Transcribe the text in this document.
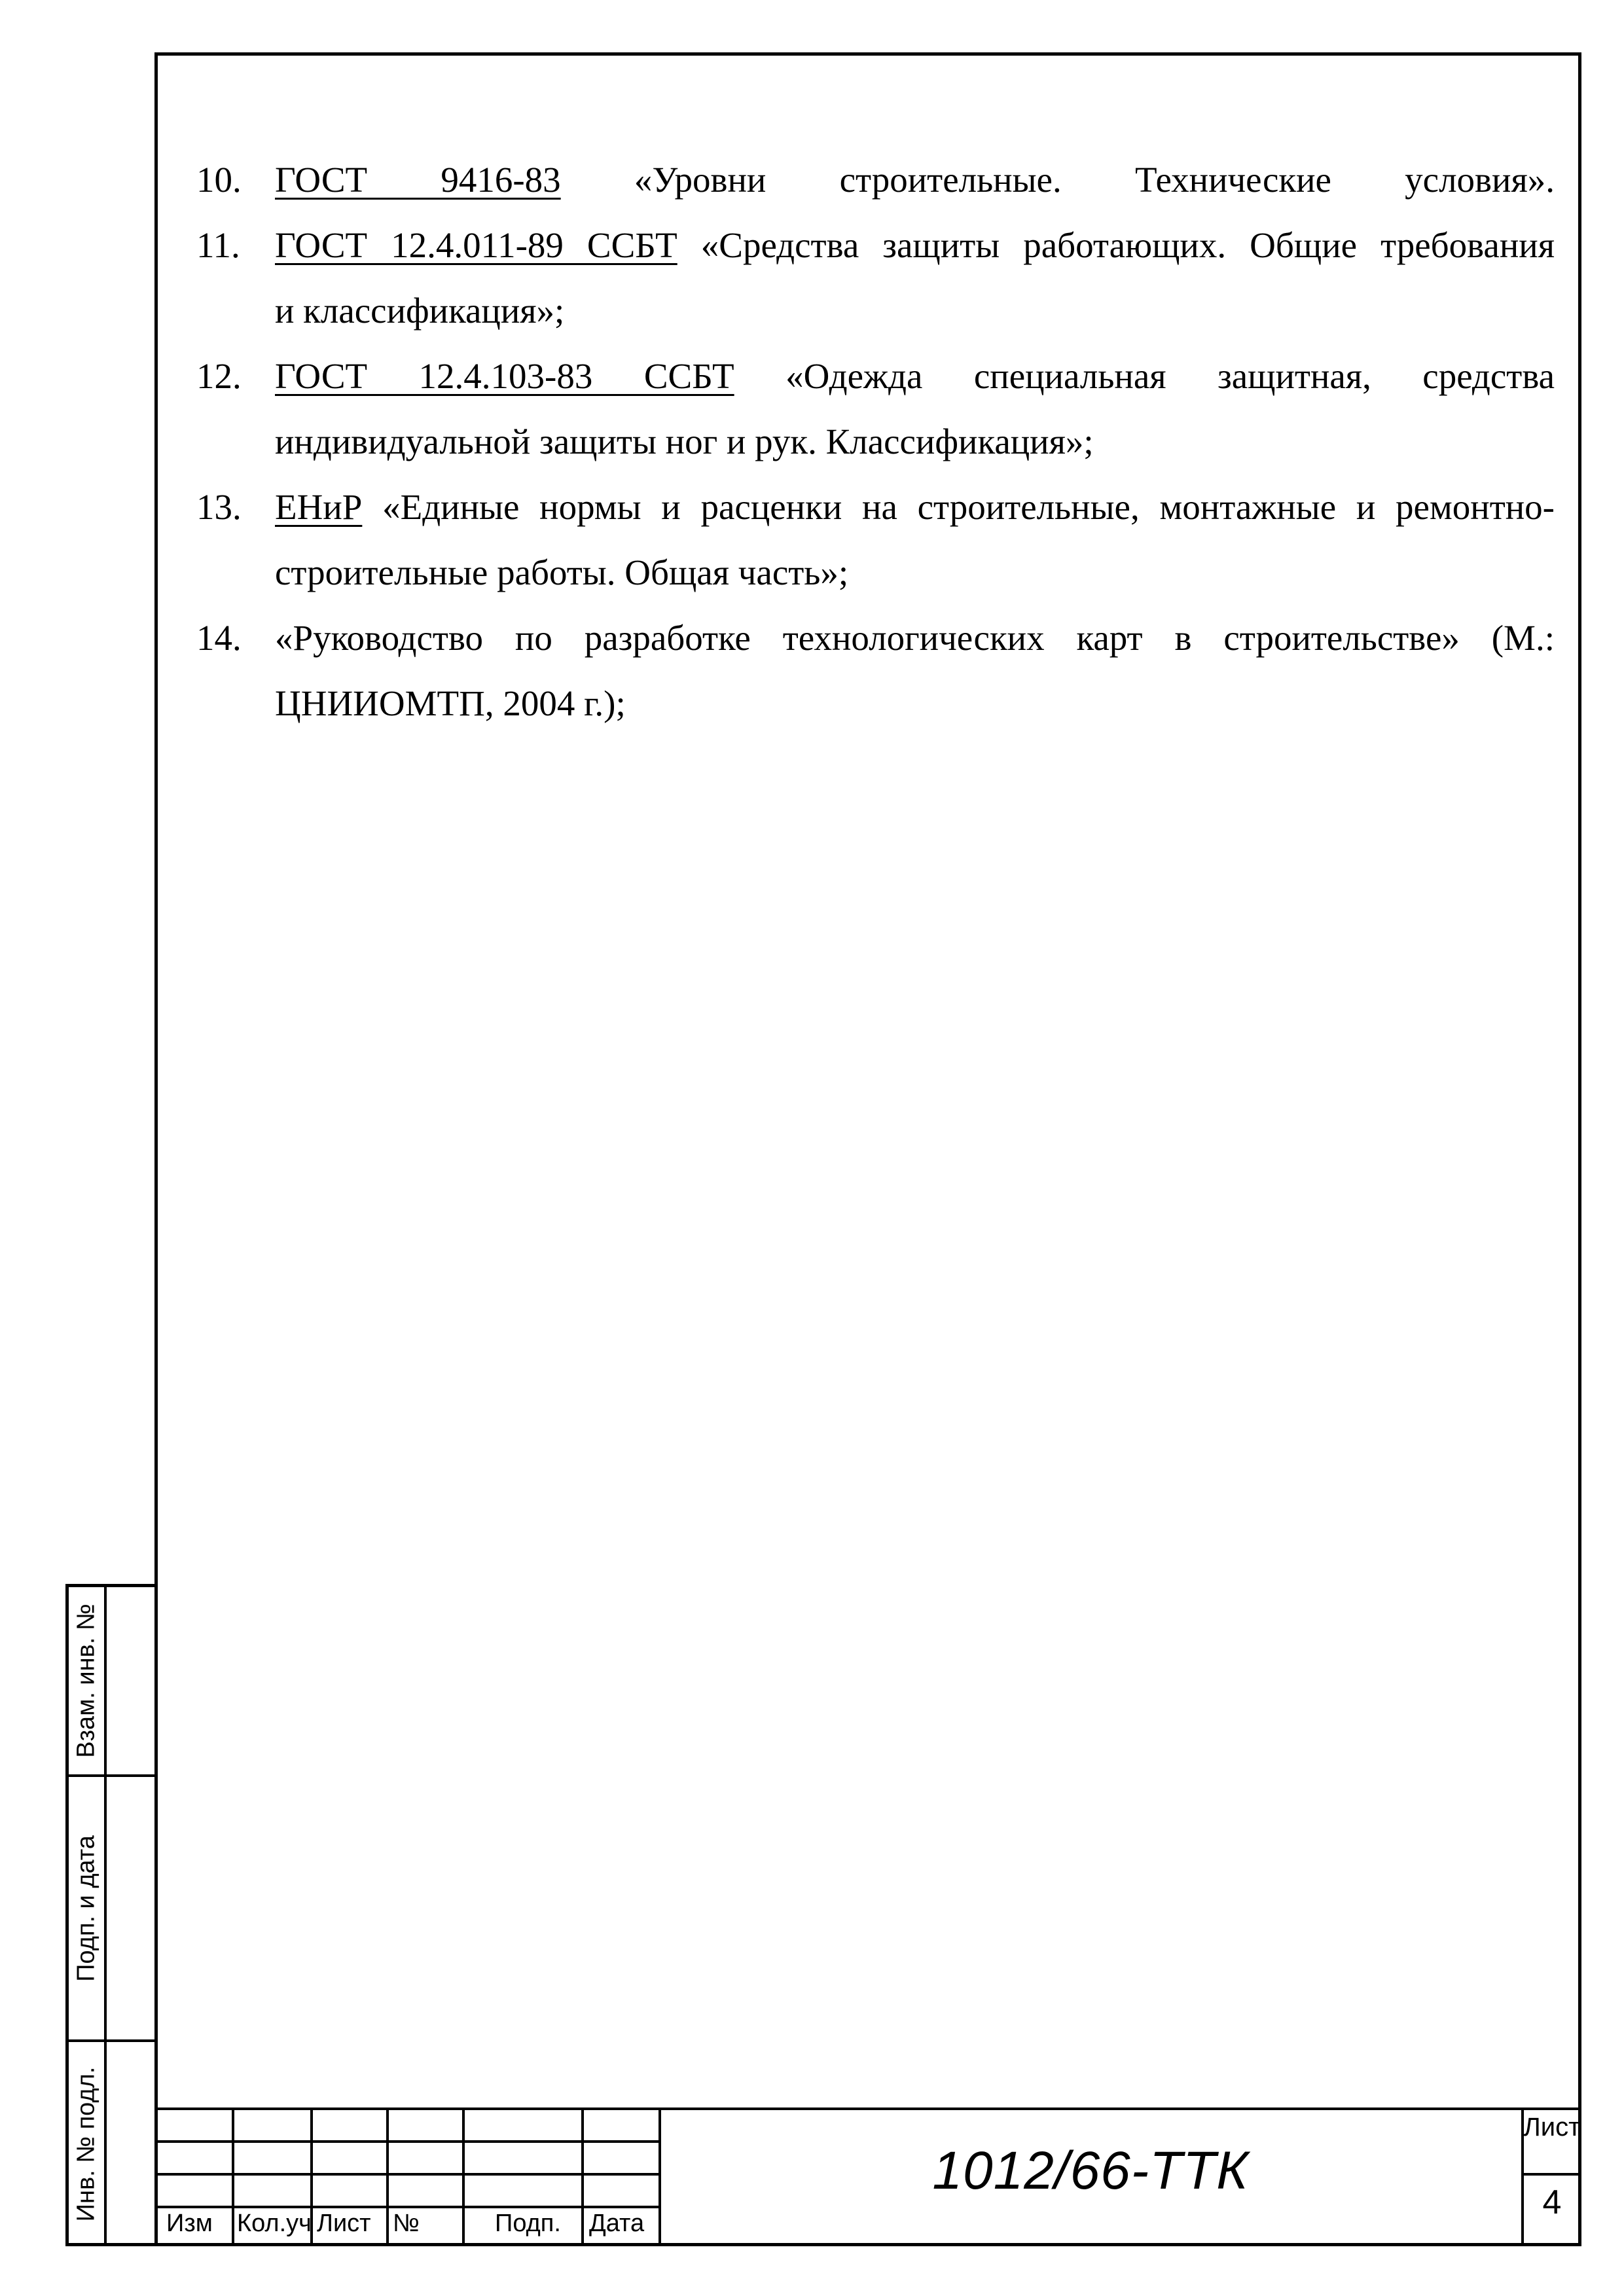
10. ГОСТ 9416-83 «Уровни строительные. Технические условия».
11. ГОСТ 12.4.011-89 ССБТ «Средства защиты работающих. Общие требования
и классификация»;
12. ГОСТ 12.4.103-83 ССБТ «Одежда специальная защитная, средства
индивидуальной защиты ног и рук. Классификация»;
13. ЕНиР «Единые нормы и расценки на строительные, монтажные и ремонтно-
строительные работы. Общая часть»;
14. «Руководство по разработке технологических карт в строительстве» (М.:
ЦНИИОМТП, 2004 г.);
Взам. инв. №
Подп. и дата
Инв. № подл.
Изм Кол.уч Лист №	Подп. Дата
1012/66-ТТК
Лист
4
